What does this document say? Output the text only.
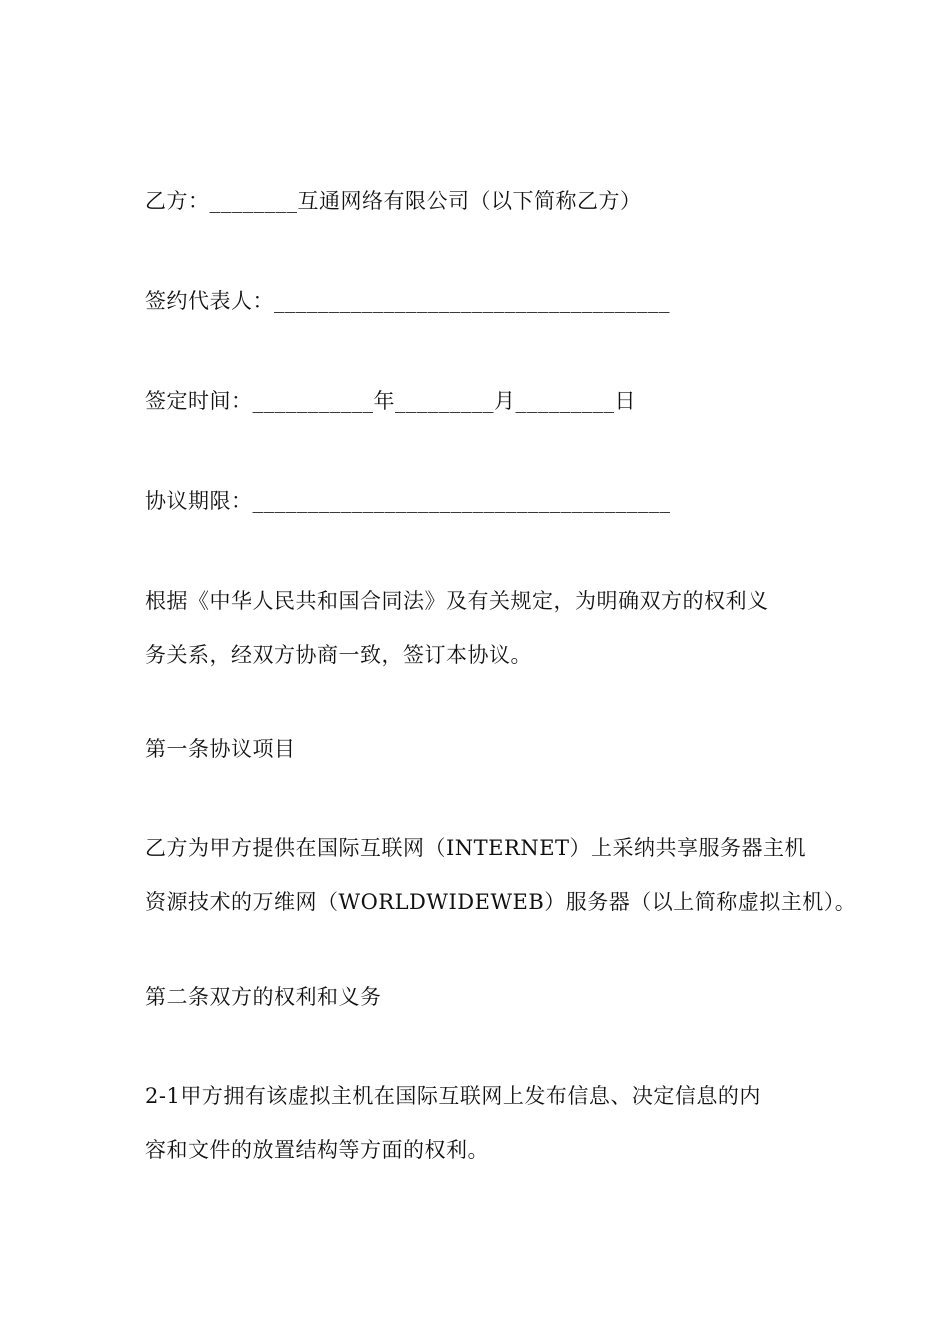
乙方：________互通网络有限公司（以下简称乙方）
签约代表人：____________________________________
签定时间：___________年_________月_________日
协议期限：______________________________________
根据《中华人民共和国合同法》及有关规定，为明确双方的权利义
务关系，经双方协商一致，签订本协议。
第一条协议项目
乙方为甲方提供在国际互联网（INTERNET）上采纳共享服务器主机
资源技术的万维网（WORLDWIDEWEB）服务器（以上简称虚拟主机）。
第二条双方的权利和义务
2-1甲方拥有该虚拟主机在国际互联网上发布信息、决定信息的内
容和文件的放置结构等方面的权利。
